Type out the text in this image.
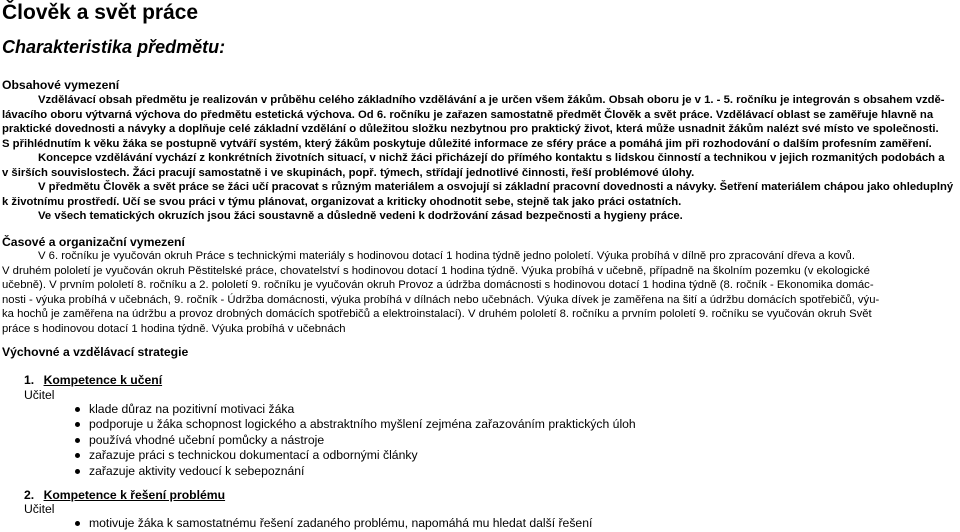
Člověk a svět práce
Charakteristika předmětu:
Obsahové vymezení
Vzdělávací obsah předmětu je realizován v průběhu celého základního vzdělávání a je určen všem žákům. Obsah oboru je v 1. - 5. ročníku je integrován s obsahem vzdě-
lávacího oboru výtvarná výchova do předmětu estetická výchova. Od 6. ročníku je zařazen samostatně předmět Člověk a svět práce. Vzdělávací oblast se zaměřuje hlavně na
praktické dovednosti a návyky a doplňuje celé základní vzdělání o důležitou složku nezbytnou pro praktický život, která může usnadnit žákům nalézt své místo ve společnosti.
S přihlédnutím k věku žáka se postupně vytváří systém, který žákům poskytuje důležité informace ze sféry práce a pomáhá jim při rozhodování o dalším profesním zaměření.
Koncepce vzdělávání vychází z konkrétních životních situací, v nichž žáci přicházejí do přímého kontaktu s lidskou činností a technikou v jejich rozmanitých podobách a
v širších souvislostech. Žáci pracují samostatně i ve skupinách, popř. týmech, střídají jednotlivé činnosti, řeší problémové úlohy.
V předmětu Člověk a svět práce se žáci učí pracovat s různým materiálem a osvojují si základní pracovní dovednosti a návyky. Šetření materiálem chápou jako ohleduplný
k životnímu prostředí. Učí se svou práci v týmu plánovat, organizovat a kriticky ohodnotit sebe, stejně tak jako práci ostatních.
Ve všech tematických okruzích jsou žáci soustavně a důsledně vedeni k dodržování zásad bezpečnosti a hygieny práce.
Časové a organizační vymezení
V 6. ročníku je vyučován okruh Práce s technickými materiály s hodinovou dotací 1 hodina týdně jedno pololetí. Výuka probíhá v dílně pro zpracování dřeva a kovů.
V druhém pololetí je vyučován okruh Pěstitelské práce, chovatelství s hodinovou dotací 1 hodina týdně. Výuka probíhá v učebně, případně na školním pozemku (v ekologické
učebně). V prvním pololetí 8. ročníku a 2. pololetí 9. ročníku je vyučován okruh Provoz a údržba domácnosti s hodinovou dotací 1 hodina týdně (8. ročník - Ekonomika domác-
nosti - výuka probíhá v učebnách, 9. ročník - Údržba domácnosti, výuka probíhá v dílnách nebo učebnách. Výuka dívek je zaměřena na šití a údržbu domácích spotřebičů, výu-
ka hochů je zaměřena na údržbu a provoz drobných domácích spotřebičů a elektroinstalací). V druhém pololetí 8. ročníku a prvním pololetí 9. ročníku se vyučován okruh Svět
práce s hodinovou dotací 1 hodina týdně. Výuka probíhá v učebnách
Výchovné a vzdělávací strategie
1. Kompetence k učení
Učitel
klade důraz na pozitivní motivaci žáka
podporuje u žáka schopnost logického a abstraktního myšlení zejména zařazováním praktických úloh
používá vhodné učební pomůcky a nástroje
zařazuje práci s technickou dokumentací a odbornými články
zařazuje aktivity vedoucí k sebepoznání
2. Kompetence k řešení problému
Učitel
motivuje žáka k samostatnému řešení zadaného problému, napomáhá mu hledat další řešení
